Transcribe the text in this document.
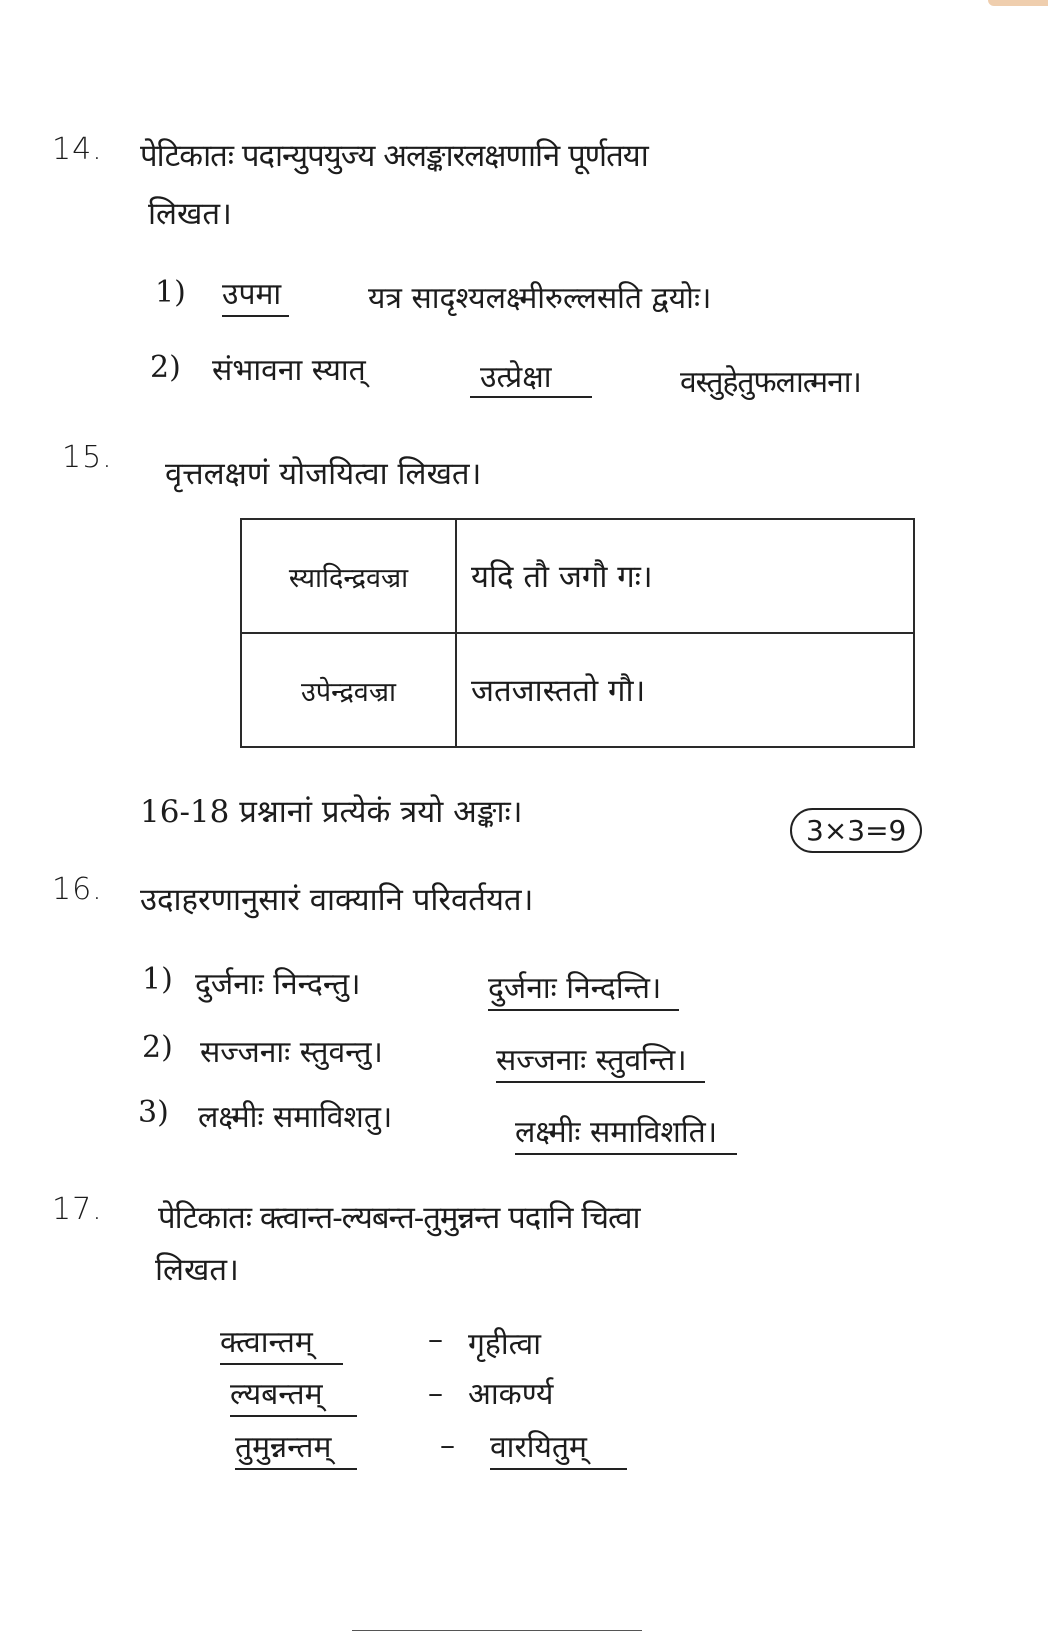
14. पेटिकातः पदान्युपयुज्य अलङ्कारलक्षणानि पूर्णतया
लिखत।
1) उपमा	यत्र सादृश्यलक्ष्मीरुल्लसति द्वयोः।
2) संभावना स्यात्	उत्प्रेक्षा	वस्तुहेतुफलात्मना।
15. वृत्तलक्षणं योजयित्वा लिखत।
स्यादिन्द्रवज्रा	यदि तौ जगौ गः।
उपेन्द्रवज्रा	जतजास्ततो गौ।
16-18 प्रश्नानां प्रत्येकं त्रयो अङ्काः।
3×3=9
16. उदाहरणानुसारं वाक्यानि परिवर्तयत।
1) दुर्जनाः निन्दन्तु।	दुर्जनाः निन्दन्ति।
2) सज्जनाः स्तुवन्तु।	सज्जनाः स्तुवन्ति।
3) लक्ष्मीः समाविशतु।	लक्ष्मीः समाविशति।
17. पेटिकातः क्त्वान्त-ल्यबन्त-तुमुन्नन्त पदानि चित्वा
लिखत।
क्त्वान्तम्	– गृहीत्वा
ल्यबन्तम्	– आकर्ण्य
तुमुन्नन्तम्	– वारयितुम्
